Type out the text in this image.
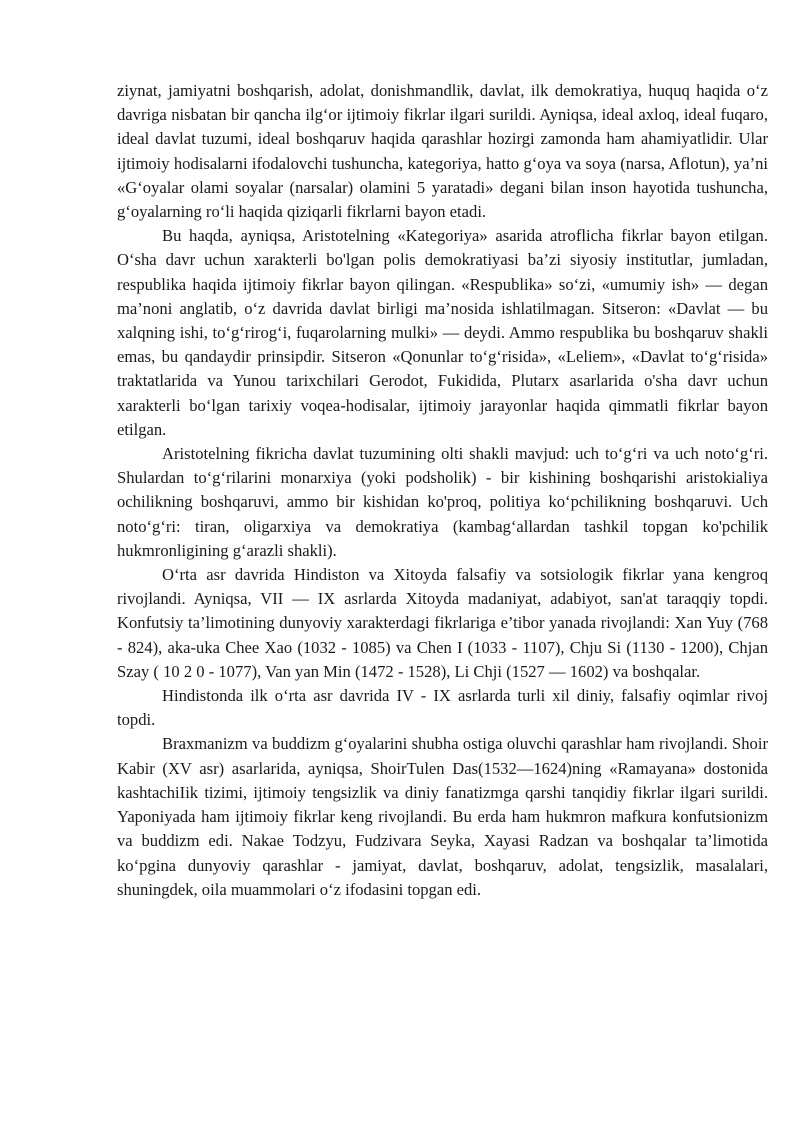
ziynat, jamiyatni boshqarish, adolat, donishmandlik, davlat, ilk demokratiya, huquq haqida o‘z davriga nisbatan bir qancha ilg‘or ijtimoiy fikrlar ilgari surildi. Ayniqsa, ideal axloq, ideal fuqaro, ideal davlat tuzumi, ideal boshqaruv haqida qarashlar hozirgi zamonda ham ahamiyatlidir. Ular ijtimoiy hodisalarni ifodalovchi tushuncha, kategoriya, hatto g‘oya va soya (narsa, Aflotun), ya’ni «G‘oyalar olami soyalar (narsalar) olamini 5 yaratadi» degani bilan inson hayotida tushuncha, g‘oyalarning ro‘li haqida qiziqarli fikrlarni bayon etadi.

Bu haqda, ayniqsa, Aristotelning «Kategoriya» asarida atroflicha fikrlar bayon etilgan. O‘sha davr uchun xarakterli bo'lgan polis demokratiyasi ba’zi siyosiy institutlar, jumladan, respublika haqida ijtimoiy fikrlar bayon qilingan. «Respublika» so‘zi, «umumiy ish» — degan ma’noni anglatib, o‘z davrida davlat birligi ma’nosida ishlatilmagan. Sitseron: «Davlat — bu xalqning ishi, to‘g‘rirog‘i, fuqarolarning mulki» — deydi. Ammo respublika bu boshqaruv shakli emas, bu qandaydir prinsipdir. Sitseron «Qonunlar to‘g‘risida», «Leliem», «Davlat to‘g‘risida» traktatlarida va Yunou tarixchilari Gerodot, Fukidida, Plutarx asarlarida o'sha davr uchun xarakterli bo‘lgan tarixiy voqea-hodisalar, ijtimoiy jarayonlar haqida qimmatli fikrlar bayon etilgan.

Aristotelning fikricha davlat tuzumining olti shakli mavjud: uch to‘g‘ri va uch noto‘g‘ri. Shulardan to‘g‘rilarini monarxiya (yoki podsholik) - bir kishining boshqarishi aristokialiya ochilikning boshqaruvi, ammo bir kishidan ko'proq, politiya ko‘pchilikning boshqaruvi. Uch noto‘g‘ri: tiran, oligarxiya va demokratiya (kambag‘allardan tashkil topgan ko'pchilik hukmronligining g‘arazli shakli).

O‘rta asr davrida Hindiston va Xitoyda falsafiy va sotsiologik fikrlar yana kengroq rivojlandi. Ayniqsa, VII — IX asrlarda Xitoyda madaniyat, adabiyot, san'at taraqqiy topdi. Konfutsiy ta’limotining dunyoviy xarakterdagi fikrlariga e’tibor yanada rivojlandi: Xan Yuy (768 - 824), aka-uka Chee Xao (1032 - 1085) va Chen I (1033 - 1107), Chju Si (1130 - 1200), Chjan Szay ( 10 2 0 - 1077), Van yan Min (1472 - 1528), Li Chji (1527 — 1602) va boshqalar.

Hindistonda ilk o‘rta asr davrida IV - IX asrlarda turli xil diniy, falsafiy oqimlar rivoj topdi.

Braxmanizm va buddizm g‘oyalarini shubha ostiga oluvchi qarashlar ham rivojlandi. Shoir Kabir (XV asr) asarlarida, ayniqsa, ShoirTulen Das(1532—1624)ning «Ramayana» dostonida kashtachiIik tizimi, ijtimoiy tengsizlik va diniy fanatizmga qarshi tanqidiy fikrlar ilgari surildi. Yaponiyada ham ijtimoiy fikrlar keng rivojlandi. Bu erda ham hukmron mafkura konfutsionizm va buddizm edi. Nakae Todzyu, Fudzivara Seyka, Xayasi Radzan va boshqalar ta’limotida ko‘pgina dunyoviy qarashlar - jamiyat, davlat, boshqaruv, adolat, tengsizlik, masalalari, shuningdek, oila muammolari o‘z ifodasini topgan edi.
